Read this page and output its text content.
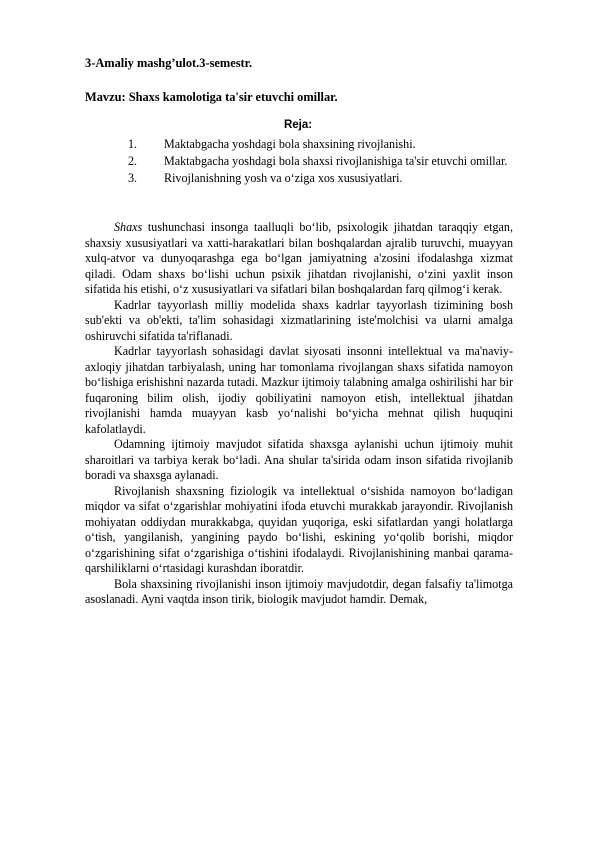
3-Amaliy mashg’ulot.3-semestr.
Mavzu: Shaxs kamolotiga ta'sir etuvchi omillar.
Reja:
1.	Maktabgacha yoshdagi bola shaxsining rivojlanishi.
2.	Maktabgacha yoshdagi bola shaxsi rivojlanishiga ta'sir etuvchi omillar.
3.	Rivojlanishning yosh va o‘ziga xos xususiyatlari.

Shaxs tushunchasi insonga taalluqli bo‘lib, psixologik jihatdan taraqqiy etgan, shaxsiy xususiyatlari va xatti-harakatlari bilan boshqalardan ajralib turuvchi, muayyan xulq-atvor va dunyoqarashga ega bo‘lgan jamiyatning a'zosini ifodalashga xizmat qiladi. Odam shaxs bo‘lishi uchun psixik jihatdan rivojlanishi, o‘zini yaxlit inson sifatida his etishi, o‘z xususiyatlari va sifatlari bilan boshqalardan farq qilmog‘i kerak.

Kadrlar tayyorlash milliy modelida shaxs kadrlar tayyorlash tizimining bosh sub'ekti va ob'ekti, ta'lim sohasidagi xizmatlarining iste'molchisi va ularni amalga oshiruvchi sifatida ta'riflanadi.

Kadrlar tayyorlash sohasidagi davlat siyosati insonni intellektual va ma'naviy-axloqiy jihatdan tarbiyalash, uning har tomonlama rivojlangan shaxs sifatida namoyon bo‘lishiga erishishni nazarda tutadi. Mazkur ijtimoiy talabning amalga oshirilishi har bir fuqaroning bilim olish, ijodiy qobiliyatini namoyon etish, intellektual jihatdan rivojlanishi hamda muayyan kasb yo‘nalishi bo‘yicha mehnat qilish huquqini kafolatlaydi.

Odamning ijtimoiy mavjudot sifatida shaxsga aylanishi uchun ijtimoiy muhit sharoitlari va tarbiya kerak bo‘ladi. Ana shular ta'sirida odam inson sifatida rivojlanib boradi va shaxsga aylanadi.

Rivojlanish shaxsning fiziologik va intellektual o‘sishida namoyon bo‘ladigan miqdor va sifat o‘zgarishlar mohiyatini ifoda etuvchi murakkab jarayondir. Rivojlanish mohiyatan oddiydan murakkabga, quyidan yuqoriga, eski sifatlardan yangi holatlarga o‘tish, yangilanish, yangining paydo bo‘lishi, eskining yo‘qolib borishi, miqdor o‘zgarishining sifat o‘zgarishiga o‘tishini ifodalaydi. Rivojlanishining manbai qarama-qarshiliklarni o‘rtasidagi kurashdan iboratdir.

Bola shaxsining rivojlanishi inson ijtimoiy mavjudotdir, degan falsafiy ta'limotga asoslanadi. Ayni vaqtda inson tirik, biologik mavjudot hamdir. Demak,
